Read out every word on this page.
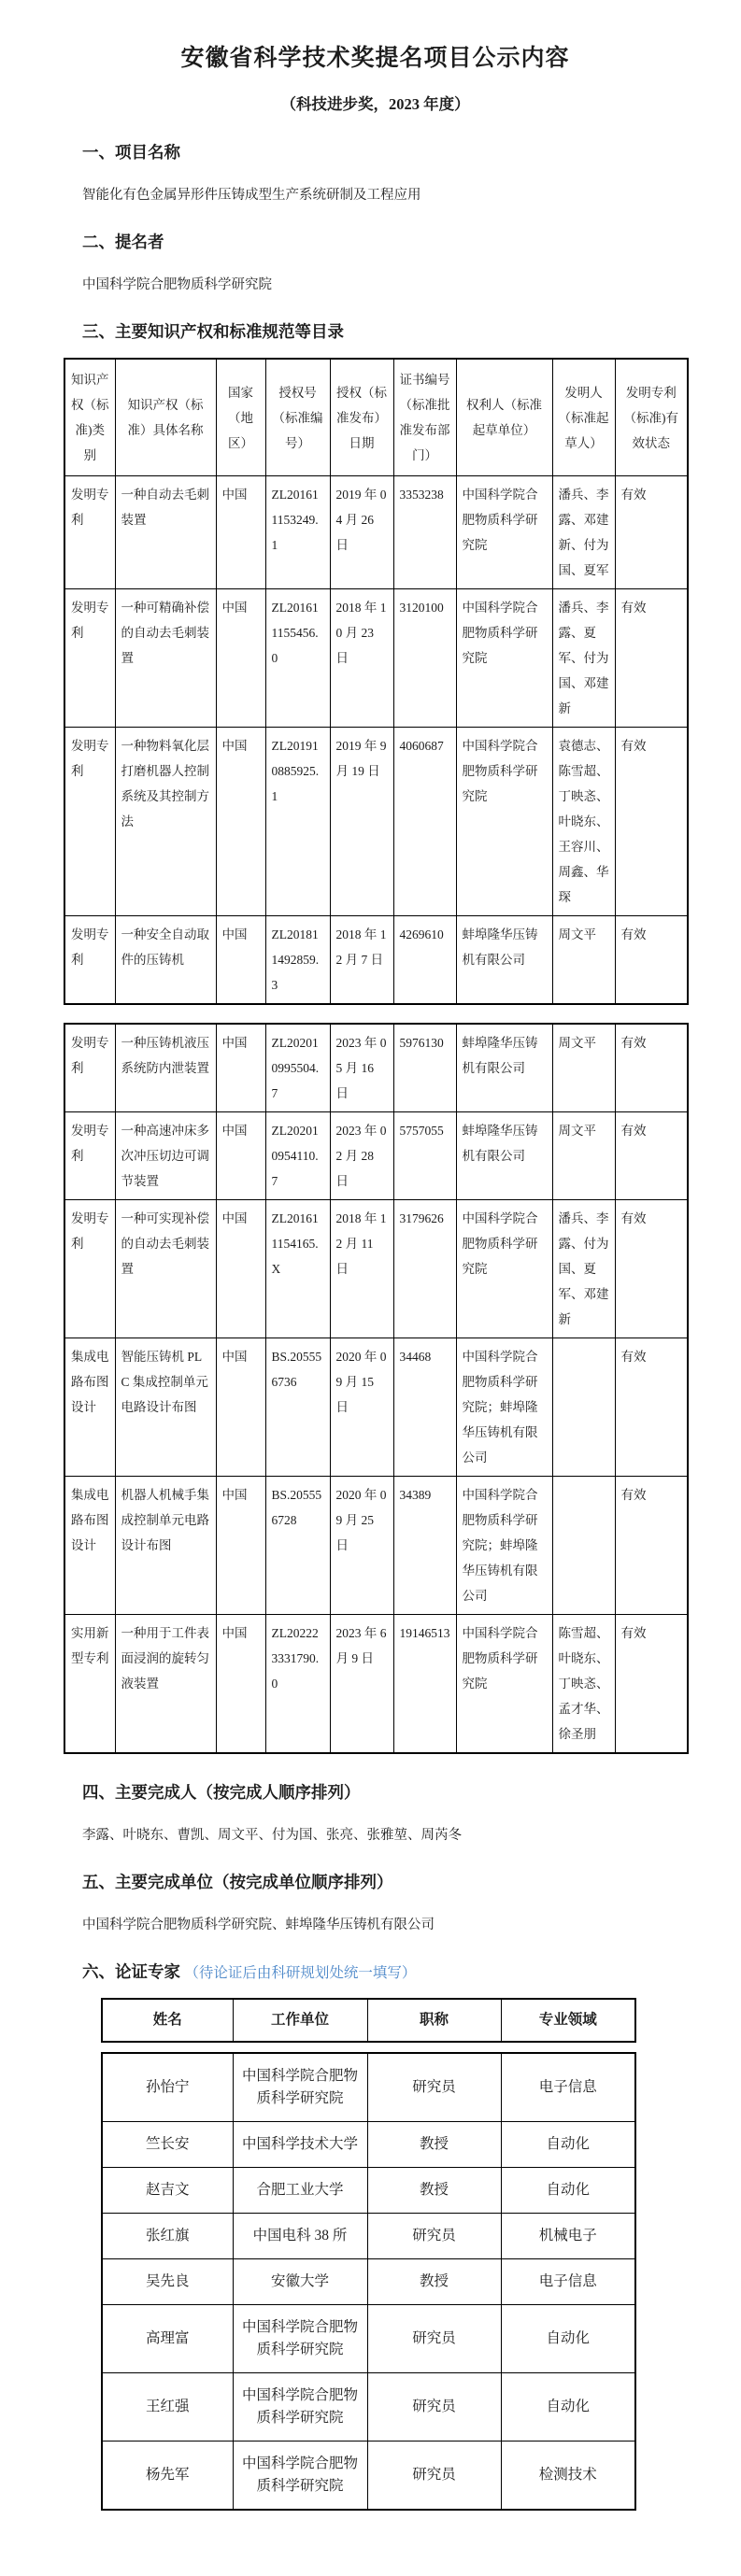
安徽省科学技术奖提名项目公示内容
（科技进步奖，2023 年度）
一、项目名称
智能化有色金属异形件压铸成型生产系统研制及工程应用
二、提名者
中国科学院合肥物质科学研究院
三、主要知识产权和标准规范等目录
知识产权（标准)类别	知识产权（标准）具体名称	国家（地区）	授权号（标准编号）	授权（标准发布）日期	证书编号（标准批准发布部门）	权利人（标准起草单位）	发明人（标准起草人）	发明专利（标准)有效状态
发明专利	一种自动去毛刺装置	中国	ZL201611153249.1	2019 年 04 月 26 日	3353238	中国科学院合肥物质科学研究院	潘兵、李露、邓建新、付为国、夏军	有效
发明专利	一种可精确补偿的自动去毛刺装置	中国	ZL201611155456.0	2018 年 10 月 23 日	3120100	中国科学院合肥物质科学研究院	潘兵、李露、夏军、付为国、邓建新	有效
发明专利	一种物料氧化层打磨机器人控制系统及其控制方法	中国	ZL201910885925.1	2019 年 9 月 19 日	4060687	中国科学院合肥物质科学研究院	袁德志、陈雪超、丁映忞、叶晓东、王容川、周鑫、华琛	有效
发明专利	一种安全自动取件的压铸机	中国	ZL201811492859.3	2018 年 12 月 7 日	4269610	蚌埠隆华压铸机有限公司	周文平	有效
发明专利	一种压铸机液压系统防内泄装置	中国	ZL202010995504.7	2023 年 05 月 16 日	5976130	蚌埠隆华压铸机有限公司	周文平	有效
发明专利	一种高速冲床多次冲压切边可调节装置	中国	ZL202010954110.7	2023 年 02 月 28 日	5757055	蚌埠隆华压铸机有限公司	周文平	有效
发明专利	一种可实现补偿的自动去毛刺装置	中国	ZL201611154165.X	2018 年 12 月 11 日	3179626	中国科学院合肥物质科学研究院	潘兵、李露、付为国、夏军、邓建新	有效
集成电路布图设计	智能压铸机 PLC 集成控制单元电路设计布图	中国	BS.205556736	2020 年 09 月 15 日	34468	中国科学院合肥物质科学研究院；蚌埠隆华压铸机有限公司		有效
集成电路布图设计	机器人机械手集成控制单元电路设计布图	中国	BS.205556728	2020 年 09 月 25 日	34389	中国科学院合肥物质科学研究院；蚌埠隆华压铸机有限公司		有效
实用新型专利	一种用于工件表面浸润的旋转匀液装置	中国	ZL202223331790.0	2023 年 6 月 9 日	19146513	中国科学院合肥物质科学研究院	陈雪超、叶晓东、丁映忞、孟才华、徐圣朋	有效
四、主要完成人（按完成人顺序排列）
李露、叶晓东、曹凯、周文平、付为国、张亮、张雅堃、周芮冬
五、主要完成单位（按完成单位顺序排列）
中国科学院合肥物质科学研究院、蚌埠隆华压铸机有限公司
六、论证专家 （待论证后由科研规划处统一填写）
姓名	工作单位	职称	专业领域
孙怡宁	中国科学院合肥物质科学研究院	研究员	电子信息
竺长安	中国科学技术大学	教授	自动化
赵吉文	合肥工业大学	教授	自动化
张红旗	中国电科 38 所	研究员	机械电子
吴先良	安徽大学	教授	电子信息
高理富	中国科学院合肥物质科学研究院	研究员	自动化
王红强	中国科学院合肥物质科学研究院	研究员	自动化
杨先军	中国科学院合肥物质科学研究院	研究员	检测技术
